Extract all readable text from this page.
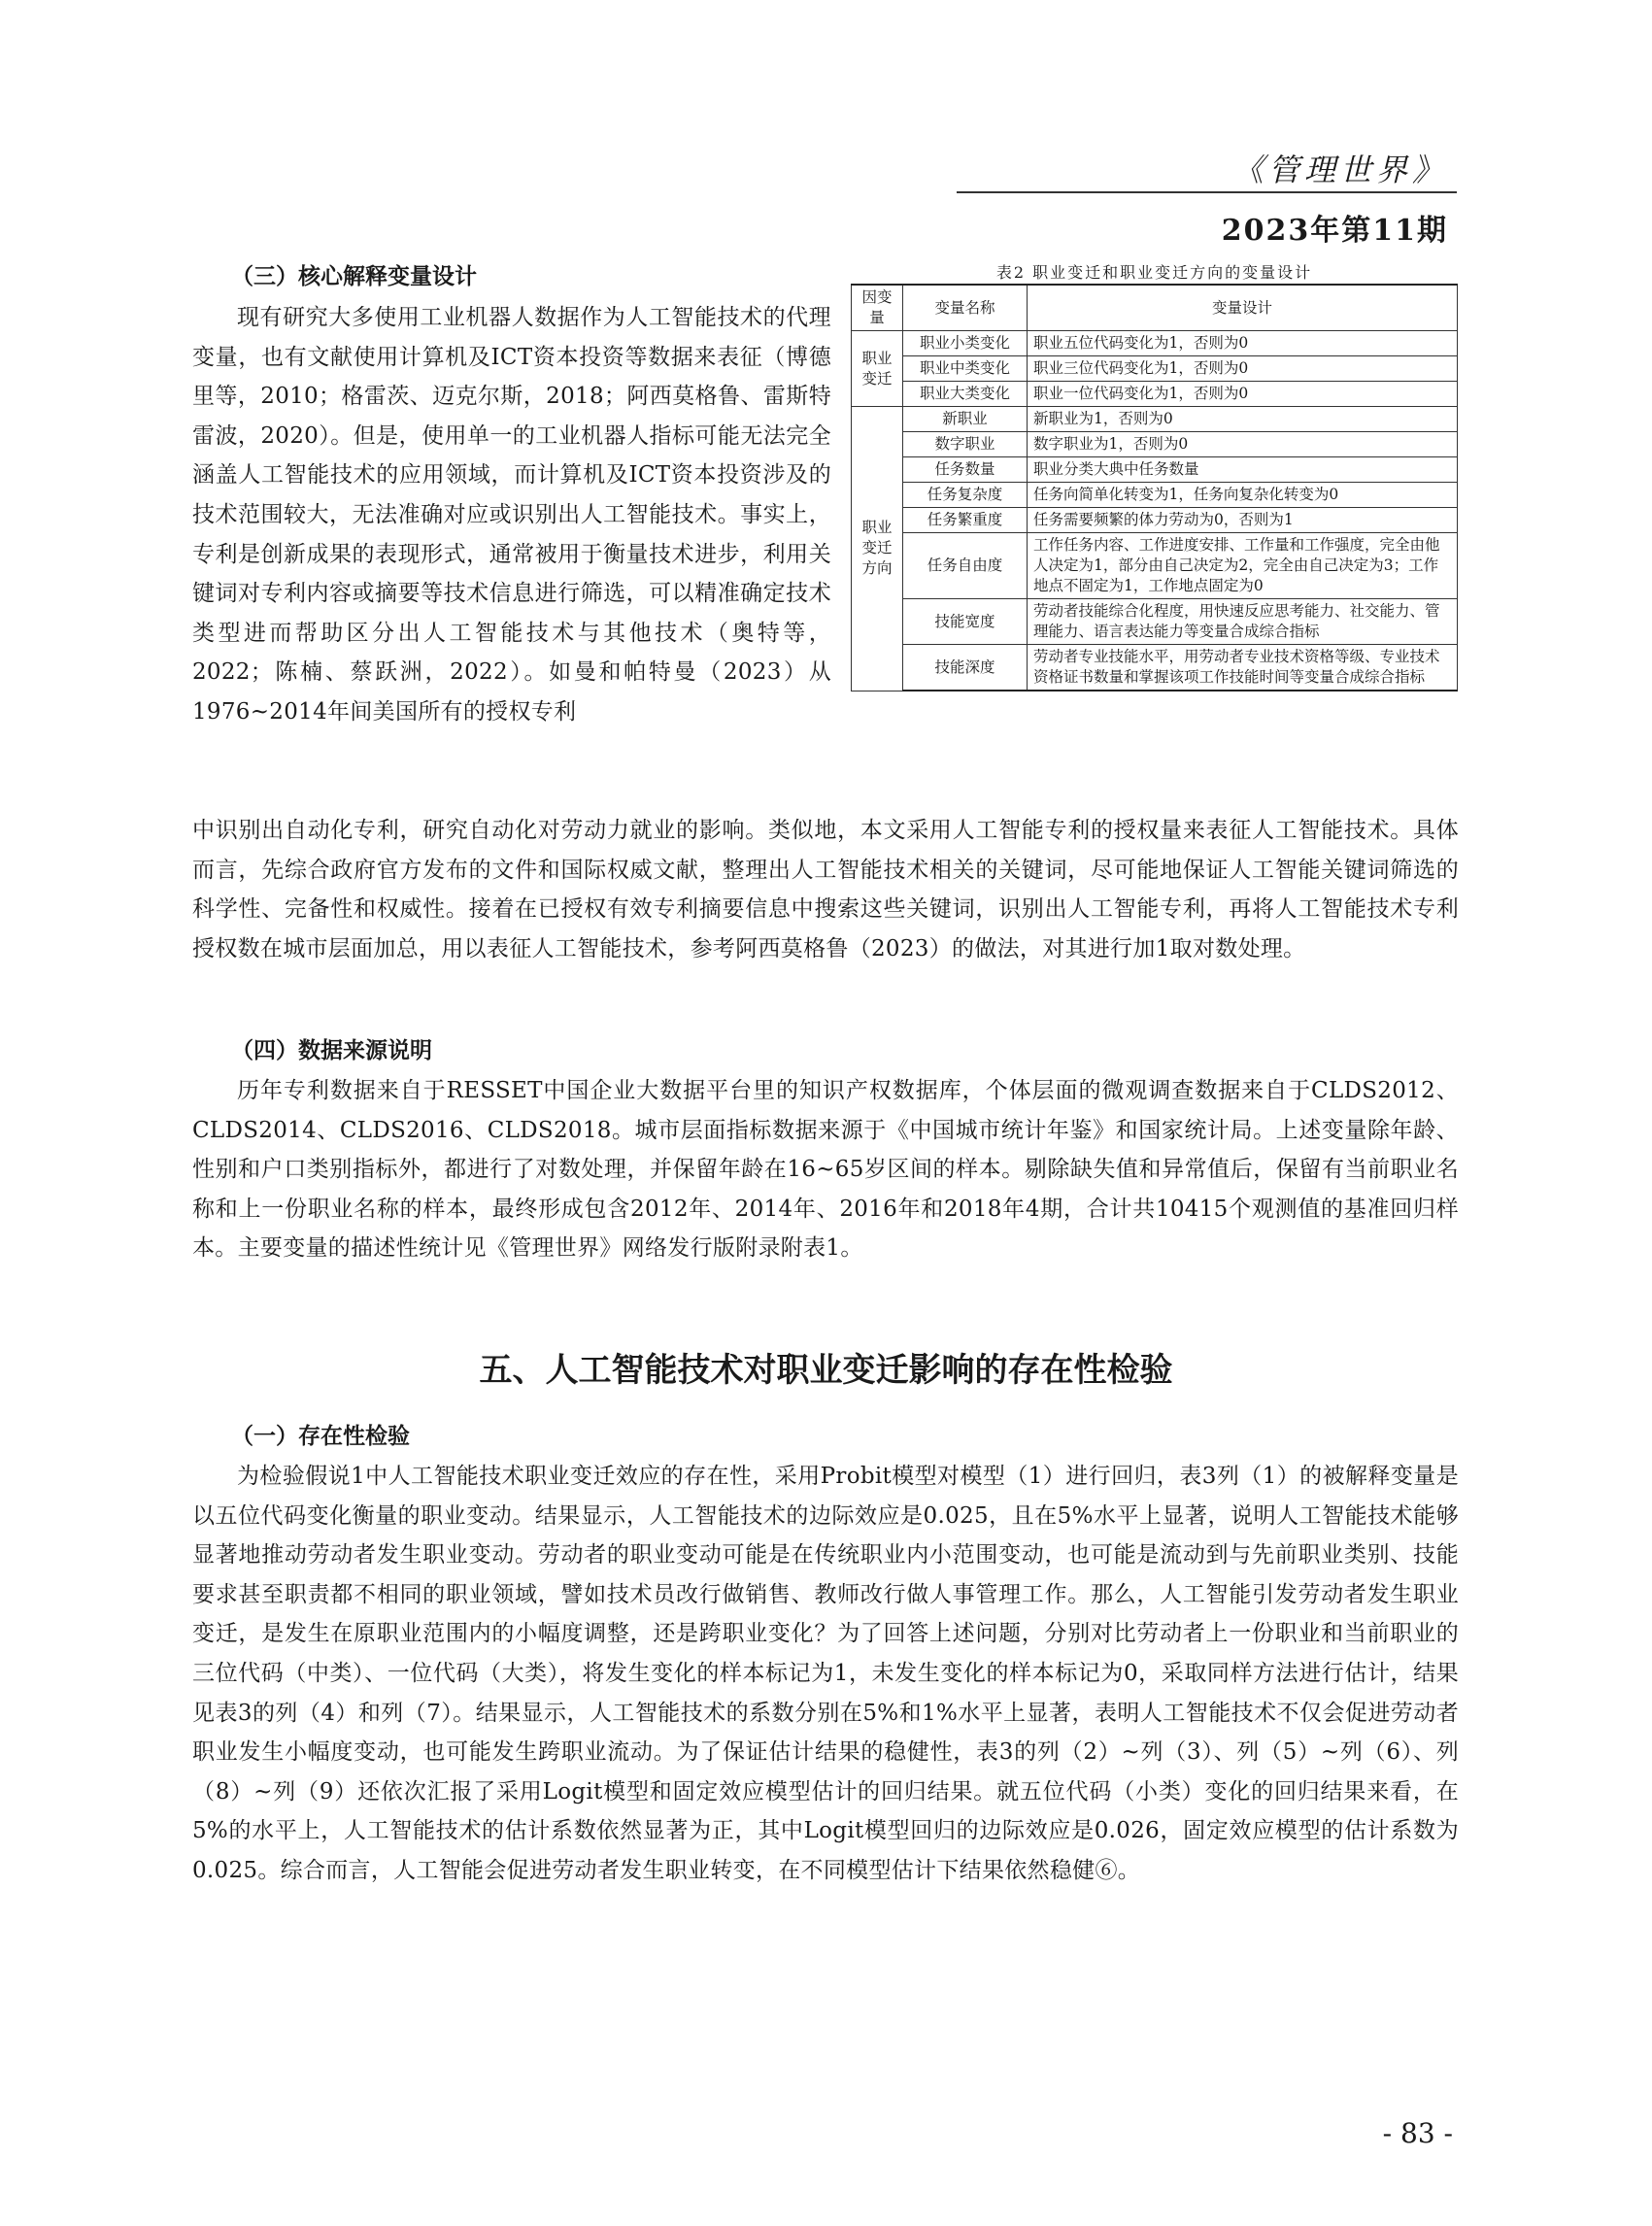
《管理世界》
2023年第11期
（三）核心解释变量设计

现有研究大多使用工业机器人数据作为人工智能技术的代理变量，也有文献使用计算机及ICT资本投资等数据来表征（博德里等，2010；格雷茨、迈克尔斯，2018；阿西莫格鲁、雷斯特雷波，2020）。但是，使用单一的工业机器人指标可能无法完全涵盖人工智能技术的应用领域，而计算机及ICT资本投资涉及的技术范围较大，无法准确对应或识别出人工智能技术。事实上，专利是创新成果的表现形式，通常被用于衡量技术进步，利用关键词对专利内容或摘要等技术信息进行筛选，可以精准确定技术类型进而帮助区分出人工智能技术与其他技术（奥特等，2022；陈楠、蔡跃洲，2022）。如曼和帕特曼（2023）从1976~2014年间美国所有的授权专利

中识别出自动化专利，研究自动化对劳动力就业的影响。类似地，本文采用人工智能专利的授权量来表征人工智能技术。具体而言，先综合政府官方发布的文件和国际权威文献，整理出人工智能技术相关的关键词，尽可能地保证人工智能关键词筛选的科学性、完备性和权威性。接着在已授权有效专利摘要信息中搜索这些关键词，识别出人工智能专利，再将人工智能技术专利授权数在城市层面加总，用以表征人工智能技术，参考阿西莫格鲁（2023）的做法，对其进行加1取对数处理。

表2 职业变迁和职业变迁方向的变量设计
因变量	变量名称	变量设计
职业变迁	职业小类变化	职业五位代码变化为1，否则为0
	职业中类变化	职业三位代码变化为1，否则为0
	职业大类变化	职业一位代码变化为1，否则为0
职业变迁方向	新职业	新职业为1，否则为0
	数字职业	数字职业为1，否则为0
	任务数量	职业分类大典中任务数量
	任务复杂度	任务向简单化转变为1，任务向复杂化转变为0
	任务繁重度	任务需要频繁的体力劳动为0，否则为1
	任务自由度	工作任务内容、工作进度安排、工作量和工作强度，完全由他人决定为1，部分由自己决定为2，完全由自己决定为3；工作地点不固定为1，工作地点固定为0
	技能宽度	劳动者技能综合化程度，用快速反应思考能力、社交能力、管理能力、语言表达能力等变量合成综合指标
	技能深度	劳动者专业技能水平，用劳动者专业技术资格等级、专业技术资格证书数量和掌握该项工作技能时间等变量合成综合指标
（四）数据来源说明

历年专利数据来自于RESSET中国企业大数据平台里的知识产权数据库，个体层面的微观调查数据来自于CLDS2012、CLDS2014、CLDS2016、CLDS2018。城市层面指标数据来源于《中国城市统计年鉴》和国家统计局。上述变量除年龄、性别和户口类别指标外，都进行了对数处理，并保留年龄在16~65岁区间的样本。剔除缺失值和异常值后，保留有当前职业名称和上一份职业名称的样本，最终形成包含2012年、2014年、2016年和2018年4期，合计共10415个观测值的基准回归样本。主要变量的描述性统计见《管理世界》网络发行版附录附表1。

五、人工智能技术对职业变迁影响的存在性检验
（一）存在性检验

为检验假说1中人工智能技术职业变迁效应的存在性，采用Probit模型对模型（1）进行回归，表3列（1）的被解释变量是以五位代码变化衡量的职业变动。结果显示，人工智能技术的边际效应是0.025，且在5%水平上显著，说明人工智能技术能够显著地推动劳动者发生职业变动。劳动者的职业变动可能是在传统职业内小范围变动，也可能是流动到与先前职业类别、技能要求甚至职责都不相同的职业领域，譬如技术员改行做销售、教师改行做人事管理工作。那么，人工智能引发劳动者发生职业变迁，是发生在原职业范围内的小幅度调整，还是跨职业变化？为了回答上述问题，分别对比劳动者上一份职业和当前职业的三位代码（中类）、一位代码（大类），将发生变化的样本标记为1，未发生变化的样本标记为0，采取同样方法进行估计，结果见表3的列（4）和列（7）。结果显示，人工智能技术的系数分别在5%和1%水平上显著，表明人工智能技术不仅会促进劳动者职业发生小幅度变动，也可能发生跨职业流动。为了保证估计结果的稳健性，表3的列（2）~列（3）、列（5）~列（6）、列（8）~列（9）还依次汇报了采用Logit模型和固定效应模型估计的回归结果。就五位代码（小类）变化的回归结果来看，在5%的水平上，人工智能技术的估计系数依然显著为正，其中Logit模型回归的边际效应是0.026，固定效应模型的估计系数为0.025。综合而言，人工智能会促进劳动者发生职业转变，在不同模型估计下结果依然稳健⑥。

- 83 -
